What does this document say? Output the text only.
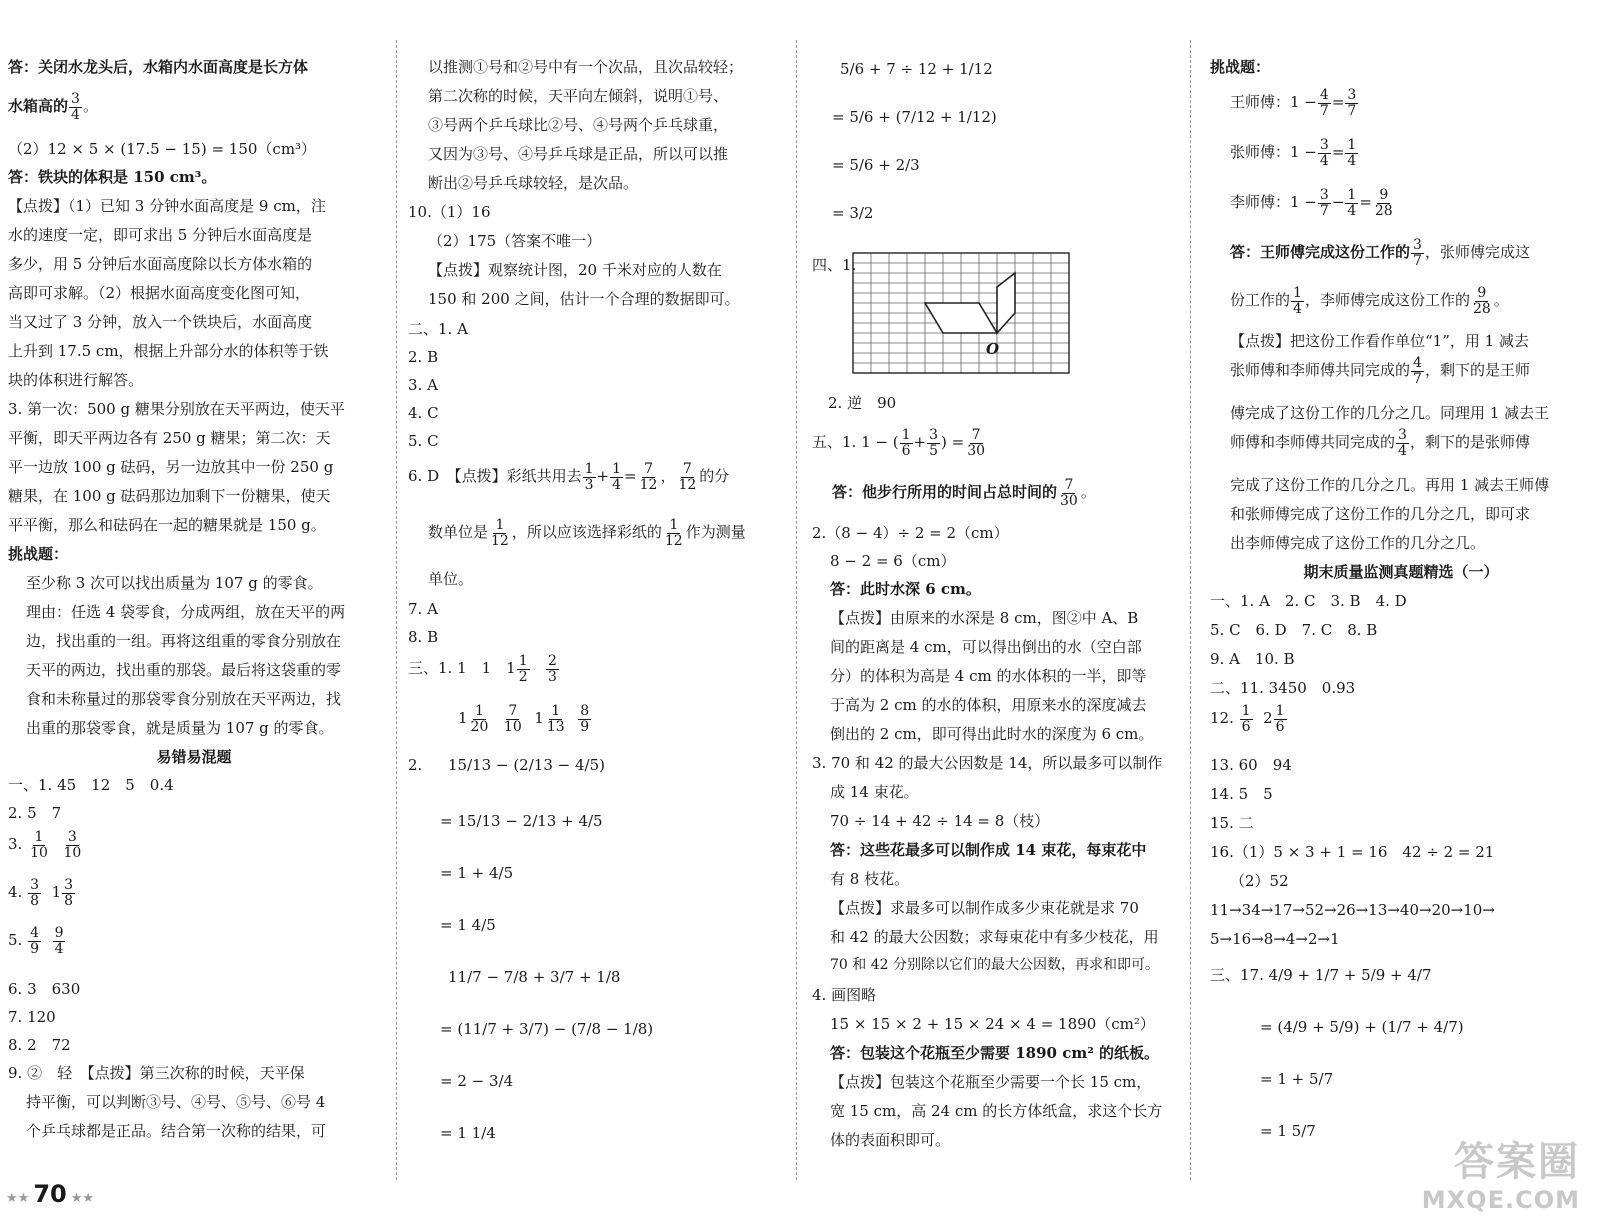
答：关闭水龙头后，水箱内水面高度是长方体
水箱高的 $\frac{3}{4}$ 。
（2）12 × 5 × (17.5 − 15) = 150（cm³）
答：铁块的体积是 150 cm³。
【点拨】（1）已知 3 分钟水面高度是 9 cm，注
水的速度一定，即可求出 5 分钟后水面高度是
多少，用 5 分钟后水面高度除以长方体水箱的
高即可求解。（2）根据水面高度变化图可知，
当又过了 3 分钟，放入一个铁块后，水面高度
上升到 17.5 cm，根据上升部分水的体积等于铁
块的体积进行解答。
3. 第一次：500 g 糖果分别放在天平两边，使天平
平衡，即天平两边各有 250 g 糖果；第二次：天
平一边放 100 g 砝码，另一边放其中一份 250 g
糖果，在 100 g 砝码那边加剩下一份糖果，使天
平平衡，那么和砝码在一起的糖果就是 150 g。
挑战题：
至少称 3 次可以找出质量为 107 g 的零食。
理由：任选 4 袋零食，分成两组，放在天平的两
边，找出重的一组。再将这组重的零食分别放在
天平的两边，找出重的那袋。最后将这袋重的零
食和未称量过的那袋零食分别放在天平两边，找
出重的那袋零食，就是质量为 107 g 的零食。
易错易混题
一、1. 45　12　5　0.4
2. 5　7
3. $\frac{1}{10}$
$\frac{3}{10}$
4. $\frac{3}{8} 1 \frac{3}{8}$
5. $\frac{4}{9}$
$\frac{9}{4}$
6. 3　630
7. 120
8. 2　72
9. ②　轻　【点拨】第三次称的时候，天平保
持平衡，可以判断③号、④号、⑤号、⑥号 4
个乒乓球都是正品。结合第一次称的结果，可
以推测①号和②号中有一个次品，且次品较轻；
第二次称的时候，天平向左倾斜，说明①号、
③号两个乒乓球比②号、④号两个乒乓球重，
又因为③号、④号乒乓球是正品，所以可以推
断出②号乒乓球较轻，是次品。
10.（1）16
（2）175（答案不唯一）
【点拨】观察统计图，20 千米对应的人数在
150 和 200 之间，估计一个合理的数据即可。
二、1. A
2. B
3. A
4. C
5. C
6. D　【点拨】彩纸共用去 $\frac{1}{3} + \frac{1}{4} = \frac{7}{12}$ ， $\frac{7}{12}$ 的分
数单位是 $\frac{1}{12}$ ，所以应该选择彩纸的 $\frac{1}{12}$ 作为测量
单位。
7. A
8. B
三、1. 1　1　$1 \frac{1}{2}$
$\frac{2}{3}$
$1 \frac{1}{20}$
$\frac{7}{10} 1 \frac{1}{13}$
$\frac{8}{9}$
2. 15/13 − (2/13 − 4/5)
= 15/13 − 2/13 + 4/5
= 1 + 4/5
= 1 4/5
11/7 − 7/8 + 3/7 + 1/8
= (11/7 + 3/7) − (7/8 − 1/8)
= 2 − 3/4
= 1 1/4
5/6 + 7 ÷ 12 + 1/12
= 5/6 + (7/12 + 1/12)
= 5/6 + 2/3
= 3/2
四、1.
O
2. 逆　90
五、1. 1 − ( $\frac{1}{6} + \frac{3}{5}$ ) = $\frac{7}{30}$
答：他步行所用的时间占总时间的 $\frac{7}{30}$ 。
2.（8 − 4）÷ 2 = 2（cm）
8 − 2 = 6（cm）
答：此时水深 6 cm。
【点拨】由原来的水深是 8 cm，图②中 A、B
间的距离是 4 cm，可以得出倒出的水（空白部
分）的体积为高是 4 cm 的水体积的一半，即等
于高为 2 cm 的水的体积，用原来水的深度减去
倒出的 2 cm，即可得出此时水的深度为 6 cm。
3. 70 和 42 的最大公因数是 14，所以最多可以制作
成 14 束花。
70 ÷ 14 + 42 ÷ 14 = 8（枝）
答：这些花最多可以制作成 14 束花，每束花中
有 8 枝花。
【点拨】求最多可以制作成多少束花就是求 70
和 42 的最大公因数；求每束花中有多少枝花，用
70 和 42 分别除以它们的最大公因数，再求和即可。
4. 画图略
15 × 15 × 2 + 15 × 24 × 4 = 1890（cm²）
答：包装这个花瓶至少需要 1890 cm² 的纸板。
【点拨】包装这个花瓶至少需要一个长 15 cm，
宽 15 cm，高 24 cm 的长方体纸盒，求这个长方
体的表面积即可。
挑战题：
王师傅：$1 - \frac{4}{7} = \frac{3}{7}$
张师傅：$1 - \frac{3}{4} = \frac{1}{4}$
李师傅：$1 - \frac{3}{7} - \frac{1}{4} = \frac{9}{28}$
答：王师傅完成这份工作的 $\frac{3}{7}$ ，张师傅完成这
份工作的 $\frac{1}{4}$ ，李师傅完成这份工作的 $\frac{9}{28}$ 。
【点拨】把这份工作看作单位“1”，用 1 减去
张师傅和李师傅共同完成的 $\frac{4}{7}$ ，剩下的是王师
傅完成了这份工作的几分之几。同理用 1 减去王
师傅和李师傅共同完成的 $\frac{3}{4}$ ，剩下的是张师傅
完成了这份工作的几分之几。再用 1 减去王师傅
和张师傅完成了这份工作的几分之几，即可求
出李师傅完成了这份工作的几分之几。
期末质量监测真题精选（一）
一、1. A　2. C　3. B　4. D
5. C　6. D　7. C　8. B
9. A　10. B
二、11. 3450　0.93
12. $\frac{1}{6} 2 \frac{1}{6}$
13. 60　94
14. 5　5
15. 二
16.（1）5 × 3 + 1 = 16　42 ÷ 2 = 21
（2）52
11→34→17→52→26→13→40→20→10→
5→16→8→4→2→1
三、17. 4/9 + 1/7 + 5/9 + 4/7
= (4/9 + 5/9) + (1/7 + 4/7)
= 1 + 5/7
= 1 5/7
★★ 70 ★★
答案圈
MXQE.COM
